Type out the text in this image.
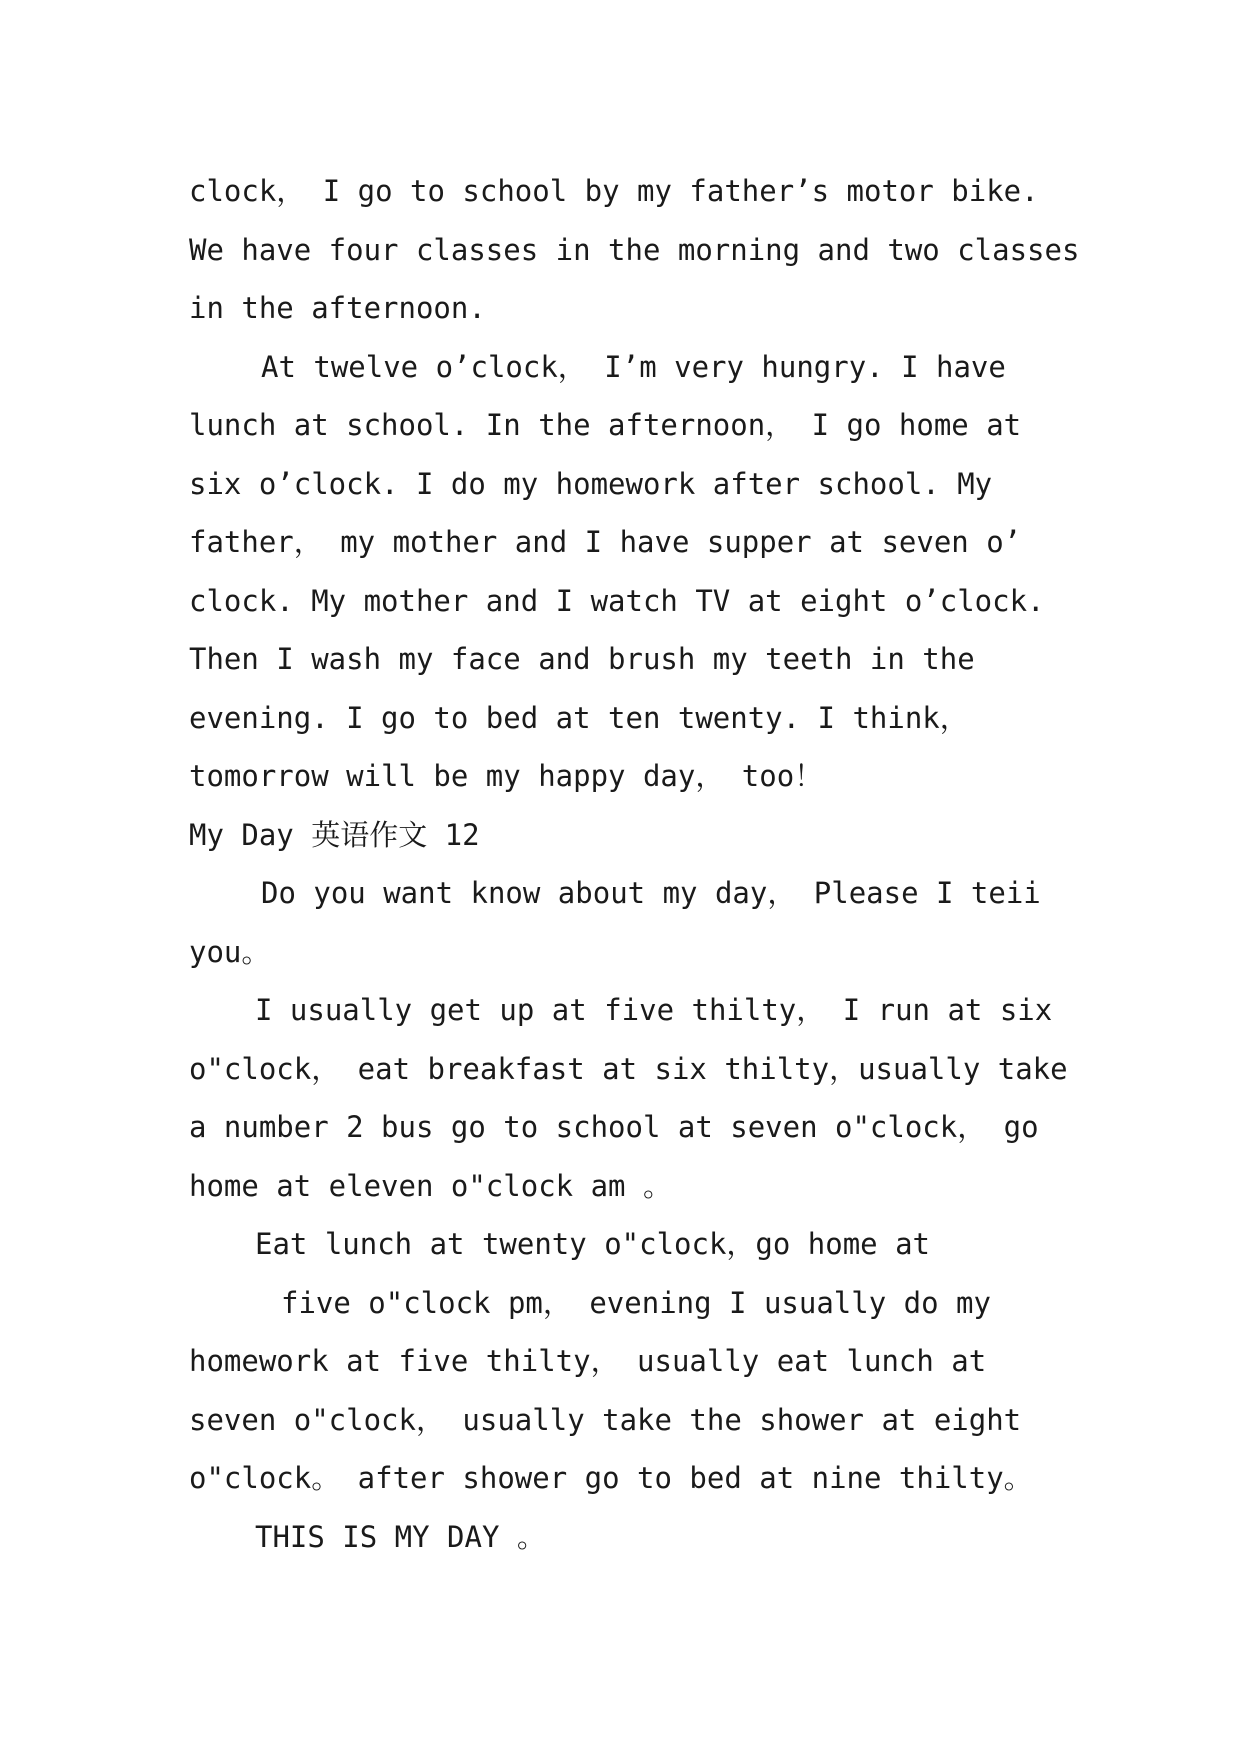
clock， I go to school by my father’s motor bike.
We have four classes in the morning and two classes
in the afternoon.
At twelve o’clock， I’m very hungry. I have
lunch at school. In the afternoon， I go home at
six o’clock. I do my homework after school. My
father， my mother and I have supper at seven o’
clock. My mother and I watch TV at eight o’clock.
Then I wash my face and brush my teeth in the
evening. I go to bed at ten twenty. I think，
tomorrow will be my happy day， too！
My Day 英语作文 12
Do you want know about my day， Please I teii
you。
I usually get up at five thilty， I run at six
o"clock， eat breakfast at six thilty，usually take
a number 2 bus go to school at seven o"clock， go
home at eleven o"clock am 。
Eat lunch at twenty o"clock，go home at
five o"clock pm， evening I usually do my
homework at five thilty， usually eat lunch at
seven o"clock， usually take the shower at eight
o"clock。 after shower go to bed at nine thilty。
THIS IS MY DAY 。
